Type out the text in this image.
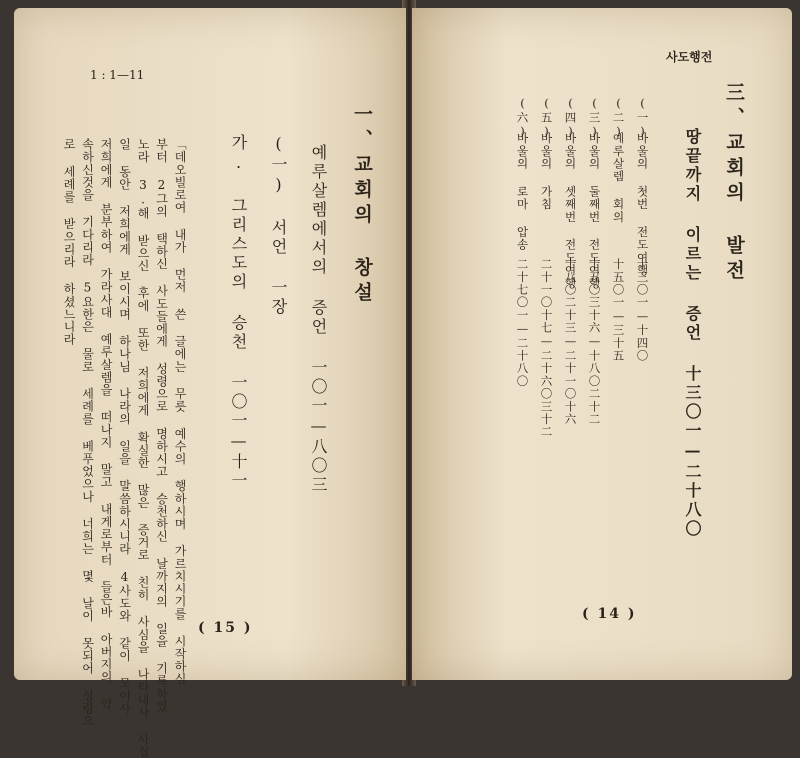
1 : 1—11
「데오빌로여 내가 먼저 쓴 글에는 무릇 예수의 행하시며 가르치시기를 시작하심
부터 2그의 택하신 사도들에게 성령으로 명하시고 승천하신 날까지의 일을 기록하였
노라 3.해 받으신 후에 또한 저희에게 확실한 많은 증거로 친히 사심을 나타내사 사십
일 동안 저희에게 보이시며 하나님 나라의 일을 말씀하시니라 4사도와 같이 모이사
저희에게 분부하여 가라사대 예루살렘을 떠나지 말고 내게로부터 들은바 아버지의 약
속하신것을 기다리라 5요한은 물로 세례를 베푸었으나 너희는 몇 날이 못되어 성령으
로 세례를 받으리라 하셨느니라	가. 그리스도의 승천 一〇一—十一 (一) 서언 一장 예루살렘에서의 증언 一〇一—八〇三 一、교회의 창설
( 15 )
사도행전
(一)
바울의 첫번 전도여행
十三〇一—十四〇
(二)
예루살렘 회의
十五〇一—三十五
(三)
바울의 둘째번 전도여행
十五〇三十六—十八〇二十二
(四)
바울의 셋째번 전도여행
十八〇二十三—二十一〇十六
(五)
바울의 가침
二十一〇十七—二十六〇三十二
(六)
바울의 로마 압송
二十七〇一—二十八〇	땅끝까지 이르는 증언 十三〇一—二十八〇 三、교회의 발전
( 14 )
